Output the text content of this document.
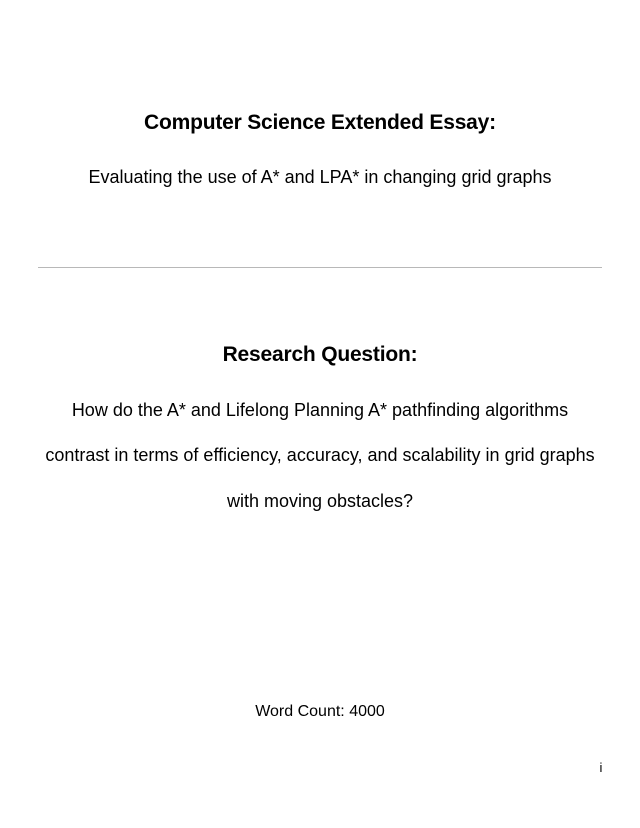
Computer Science Extended Essay:
Evaluating the use of A* and LPA* in changing grid graphs
Research Question:
How do the A* and Lifelong Planning A* pathfinding algorithms
contrast in terms of efficiency, accuracy, and scalability in grid graphs
with moving obstacles?
Word Count: 4000
i
